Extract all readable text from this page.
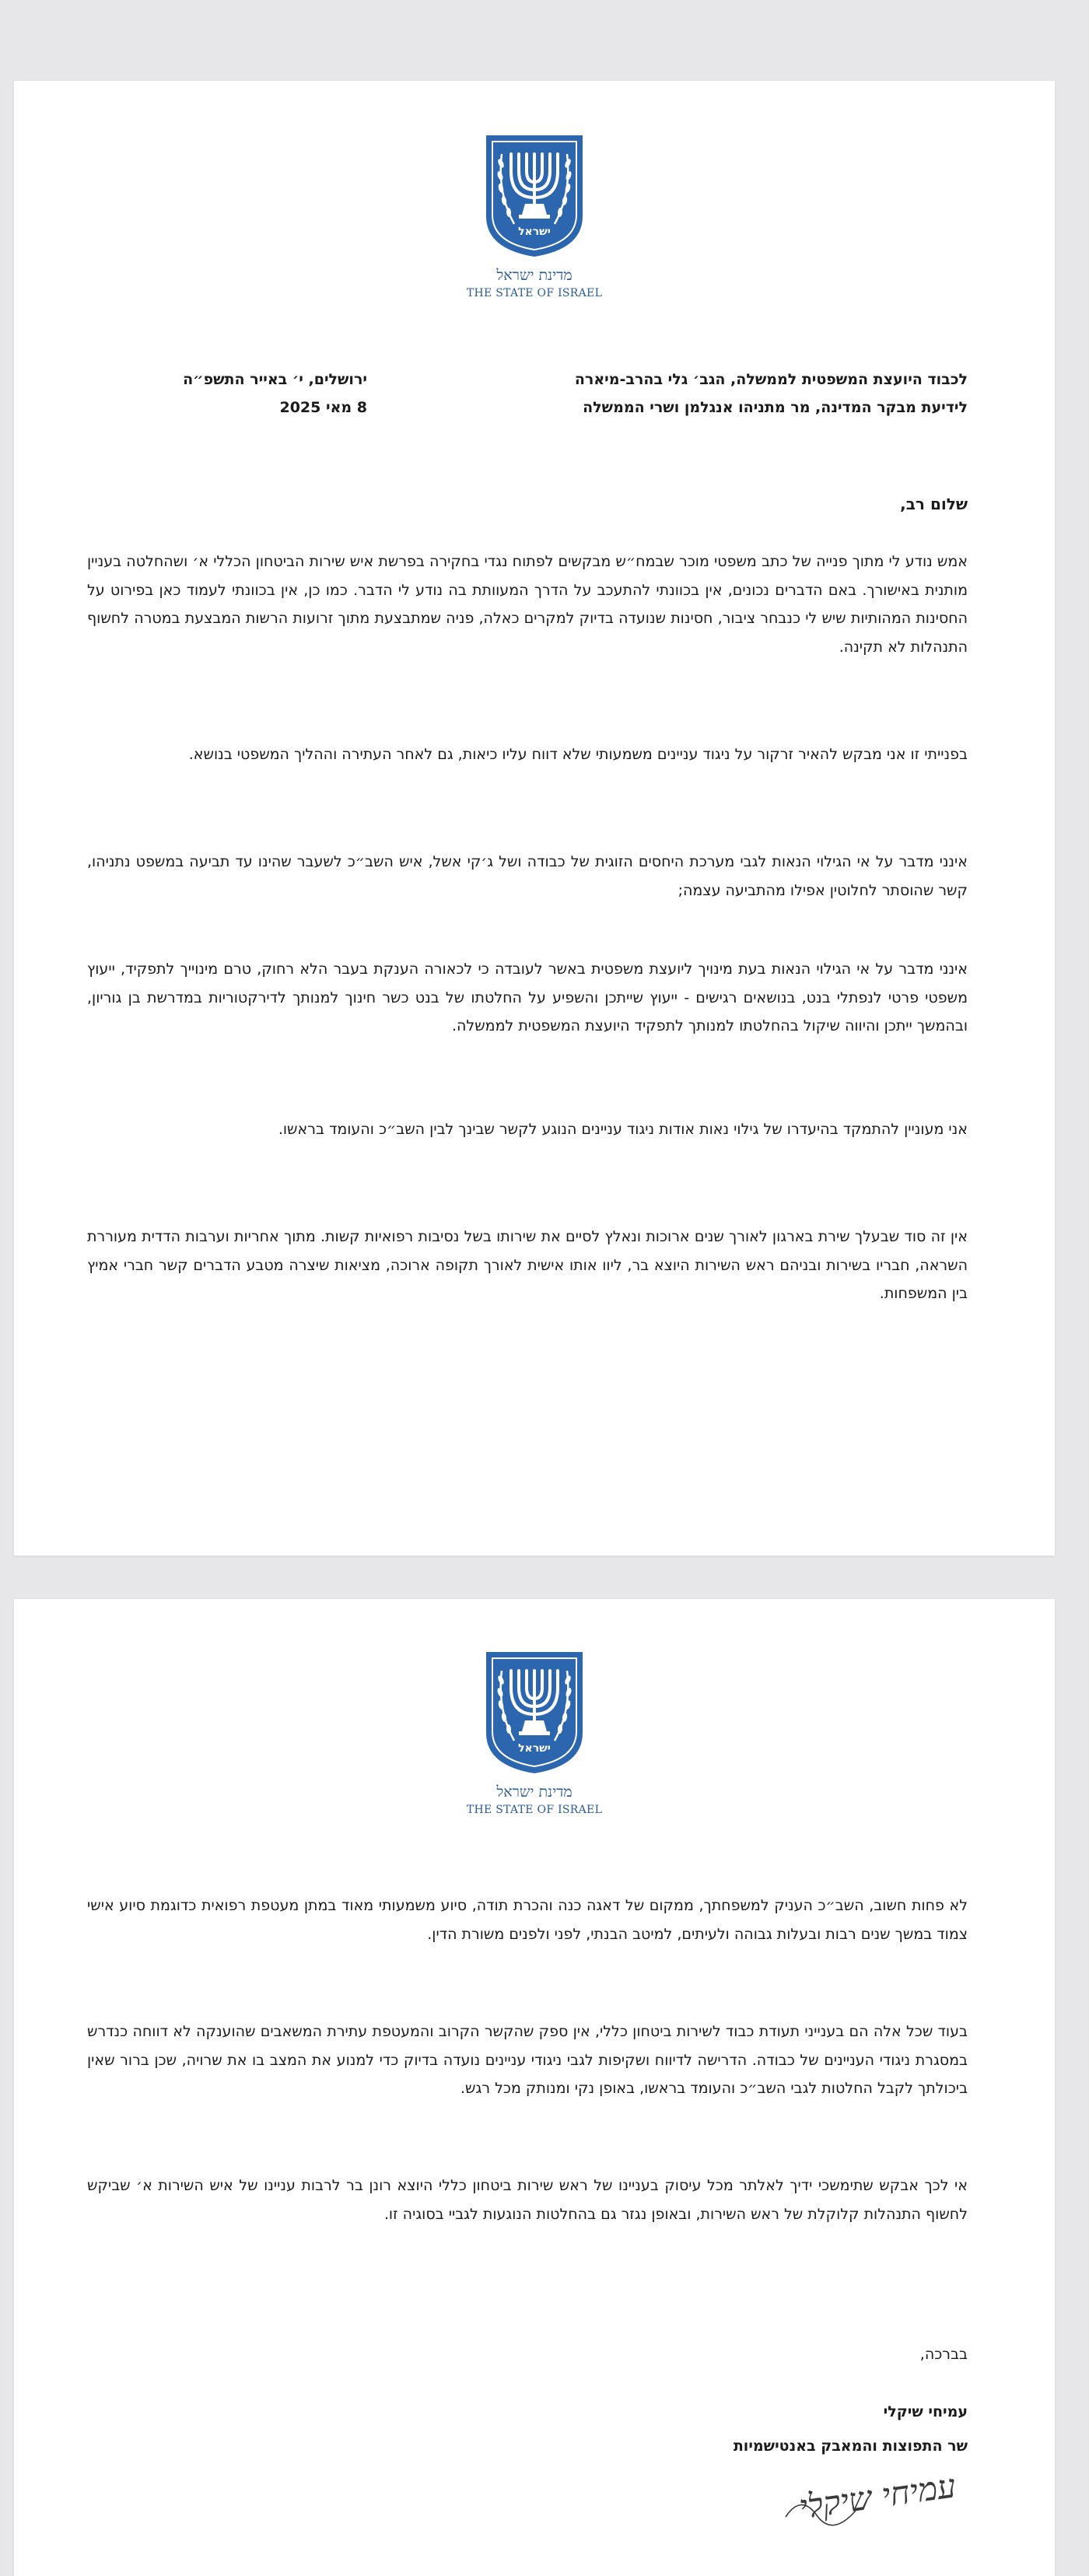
ישראל
מדינת ישראל
THE STATE OF ISRAEL
לכבוד היועצת המשפטית לממשלה, הגב׳ גלי בהרב-מיארה
לידיעת מבקר המדינה, מר מתניהו אנגלמן ושרי הממשלה
ירושלים, י׳ באייר התשפ״ה
8 מאי 2025
שלום רב,

אמש נודע לי מתוך פנייה של כתב משפטי מוכר שבמח״ש מבקשים לפתוח נגדי בחקירה בפרשת איש שירות הביטחון הכללי א׳ ושהחלטה בעניין מותנית באישורך. באם הדברים נכונים, אין בכוונתי להתעכב על הדרך המעוותת בה נודע לי הדבר. כמו כן, אין בכוונתי לעמוד כאן בפירוט על החסינות המהותיות שיש לי כנבחר ציבור, חסינות שנועדה בדיוק למקרים כאלה, פניה שמתבצעת מתוך זרועות הרשות המבצעת במטרה לחשוף התנהלות לא תקינה.

בפנייתי זו אני מבקש להאיר זרקור על ניגוד עניינים משמעותי שלא דווח עליו כיאות, גם לאחר העתירה וההליך המשפטי בנושא.

אינני מדבר על אי הגילוי הנאות לגבי מערכת היחסים הזוגית של כבודה ושל ג׳קי אשל, איש השב״כ לשעבר שהינו עד תביעה במשפט נתניהו, קשר שהוסתר לחלוטין אפילו מהתביעה עצמה;

אינני מדבר על אי הגילוי הנאות בעת מינויך ליועצת משפטית באשר לעובדה כי לכאורה הענקת בעבר הלא רחוק, טרם מינוייך לתפקיד, ייעוץ משפטי פרטי לנפתלי בנט, בנושאים רגישים - ייעוץ שייתכן והשפיע על החלטתו של בנט כשר חינוך למנותך לדירקטוריות במדרשת בן גוריון, ובהמשך ייתכן והיווה שיקול בהחלטתו למנותך לתפקיד היועצת המשפטית לממשלה.

אני מעוניין להתמקד בהיעדרו של גילוי נאות אודות ניגוד עניינים הנוגע לקשר שבינך לבין השב״כ והעומד בראשו.

אין זה סוד שבעלך שירת בארגון לאורך שנים ארוכות ונאלץ לסיים את שירותו בשל נסיבות רפואיות קשות. מתוך אחריות וערבות הדדית מעוררת השראה, חבריו בשירות ובניהם ראש השירות היוצא בר, ליוו אותו אישית לאורך תקופה ארוכה, מציאות שיצרה מטבע הדברים קשר חברי אמיץ בין המשפחות.

ישראל
מדינת ישראל
THE STATE OF ISRAEL

לא פחות חשוב, השב״כ העניק למשפחתך, ממקום של דאגה כנה והכרת תודה, סיוע משמעותי מאוד במתן מעטפת רפואית כדוגמת סיוע אישי צמוד במשך שנים רבות ובעלות גבוהה ולעיתים, למיטב הבנתי, לפני ולפנים משורת הדין.

בעוד שכל אלה הם בענייני תעודת כבוד לשירות ביטחון כללי, אין ספק שהקשר הקרוב והמעטפת עתירת המשאבים שהוענקה לא דווחה כנדרש במסגרת ניגודי העניינים של כבודה. הדרישה לדיווח ושקיפות לגבי ניגודי עניינים נועדה בדיוק כדי למנוע את המצב בו את שרויה, שכן ברור שאין ביכולתך לקבל החלטות לגבי השב״כ והעומד בראשו, באופן נקי ומנותק מכל רגש.

אי לכך אבקש שתימשכי ידיך לאלתר מכל עיסוק בעניינו של ראש שירות ביטחון כללי היוצא רונן בר לרבות עניינו של איש השירות א׳ שביקש לחשוף התנהלות קלוקלת של ראש השירות, ובאופן נגזר גם בהחלטות הנוגעות לגביי בסוגיה זו.

בברכה,
עמיחי שיקלי
שר התפוצות והמאבק באנטישמיות
עמיחי שיקלי
